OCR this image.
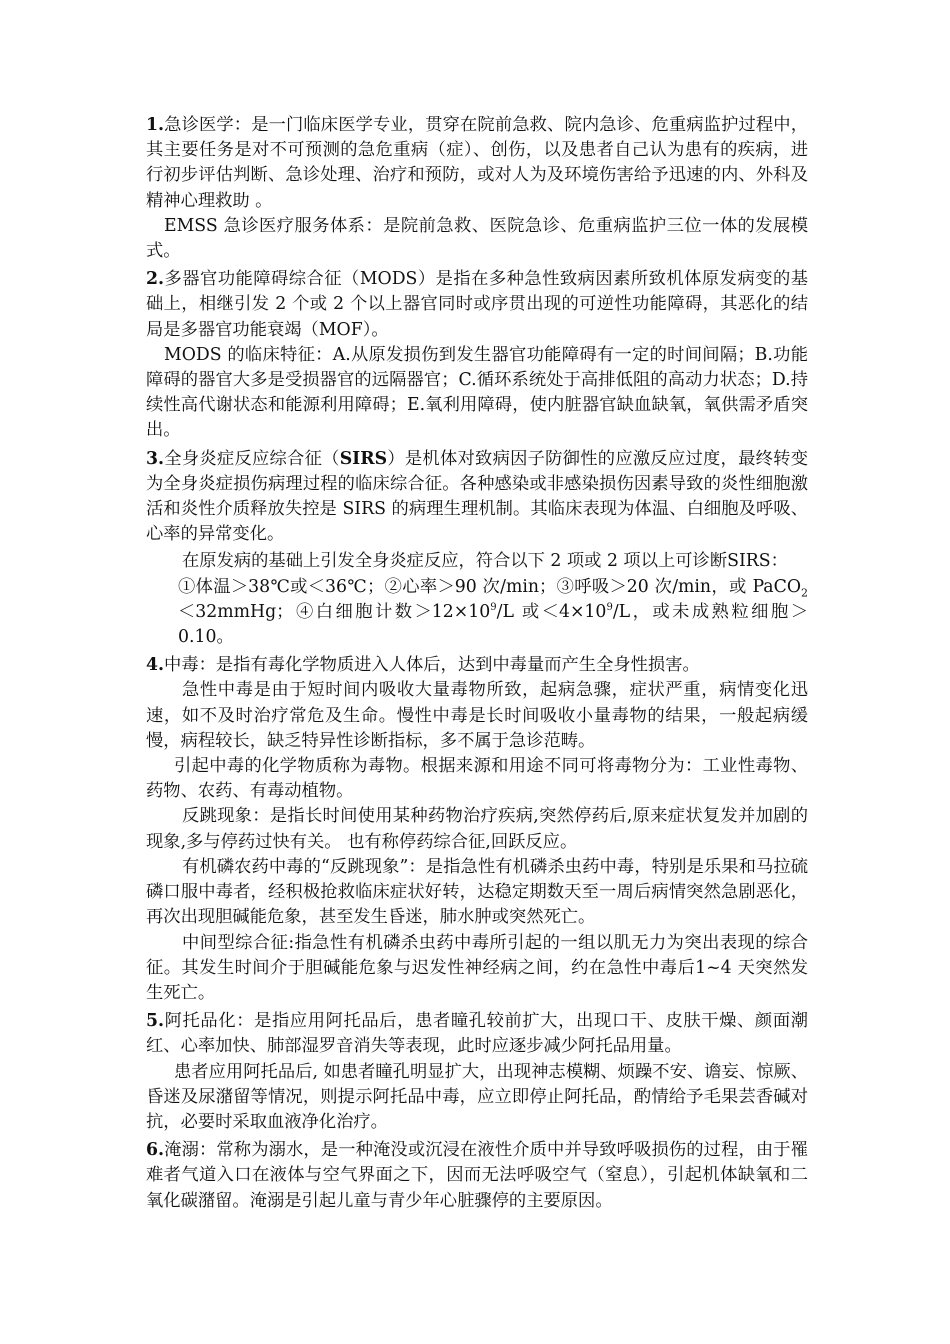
1.急诊医学：是一门临床医学专业，贯穿在院前急救、院内急诊、危重病监护过程中，其主要任务是对不可预测的急危重病（症）、创伤，以及患者自己认为患有的疾病，进行初步评估判断、急诊处理、治疗和预防，或对人为及环境伤害给予迅速的内、外科及精神心理救助 。

EMSS 急诊医疗服务体系：是院前急救、医院急诊、危重病监护三位一体的发展模式。

2.多器官功能障碍综合征（MODS）是指在多种急性致病因素所致机体原发病变的基础上，相继引发 2 个或 2 个以上器官同时或序贯出现的可逆性功能障碍，其恶化的结局是多器官功能衰竭（MOF）。

MODS 的临床特征：A.从原发损伤到发生器官功能障碍有一定的时间间隔；B.功能障碍的器官大多是受损器官的远隔器官；C.循环系统处于高排低阻的高动力状态；D.持续性高代谢状态和能源利用障碍；E.氧利用障碍，使内脏器官缺血缺氧，氧供需矛盾突出。

3.全身炎症反应综合征（SIRS）是机体对致病因子防御性的应激反应过度，最终转变为全身炎症损伤病理过程的临床综合征。各种感染或非感染损伤因素导致的炎性细胞激活和炎性介质释放失控是 SIRS 的病理生理机制。其临床表现为体温、白细胞及呼吸、心率的异常变化。

在原发病的基础上引发全身炎症反应，符合以下 2 项或 2 项以上可诊断SIRS：

①体温＞38℃或＜36℃；②心率＞90 次/min；③呼吸＞20 次/min，或 PaCO$_2$＜32mmHg；④白细胞计数$>12\times 10^9/L$ 或$<4\times 10^9/L$，或未成熟粒细胞＞0.10。

4.中毒：是指有毒化学物质进入人体后，达到中毒量而产生全身性损害。

急性中毒是由于短时间内吸收大量毒物所致，起病急骤，症状严重，病情变化迅速，如不及时治疗常危及生命。慢性中毒是长时间吸收小量毒物的结果，一般起病缓慢，病程较长，缺乏特异性诊断指标，多不属于急诊范畴。

引起中毒的化学物质称为毒物。根据来源和用途不同可将毒物分为：工业性毒物、药物、农药、有毒动植物。

反跳现象：是指长时间使用某种药物治疗疾病,突然停药后,原来症状复发并加剧的现象,多与停药过快有关。 也有称停药综合征,回跃反应。

有机磷农药中毒的“反跳现象”：是指急性有机磷杀虫药中毒，特别是乐果和马拉硫磷口服中毒者，经积极抢救临床症状好转，达稳定期数天至一周后病情突然急剧恶化，再次出现胆碱能危象，甚至发生昏迷，肺水肿或突然死亡。

中间型综合征:指急性有机磷杀虫药中毒所引起的一组以肌无力为突出表现的综合征。其发生时间介于胆碱能危象与迟发性神经病之间，约在急性中毒后1~4 天突然发生死亡。

5.阿托品化：是指应用阿托品后，患者瞳孔较前扩大，出现口干、皮肤干燥、颜面潮红、心率加快、肺部湿罗音消失等表现，此时应逐步减少阿托品用量。

患者应用阿托品后, 如患者瞳孔明显扩大，出现神志模糊、烦躁不安、谵妄、惊厥、昏迷及尿潴留等情况，则提示阿托品中毒，应立即停止阿托品，酌情给予毛果芸香碱对抗，必要时采取血液净化治疗。

6.淹溺：常称为溺水，是一种淹没或沉浸在液性介质中并导致呼吸损伤的过程，由于罹难者气道入口在液体与空气界面之下，因而无法呼吸空气（窒息），引起机体缺氧和二氧化碳潴留。淹溺是引起儿童与青少年心脏骤停的主要原因。
